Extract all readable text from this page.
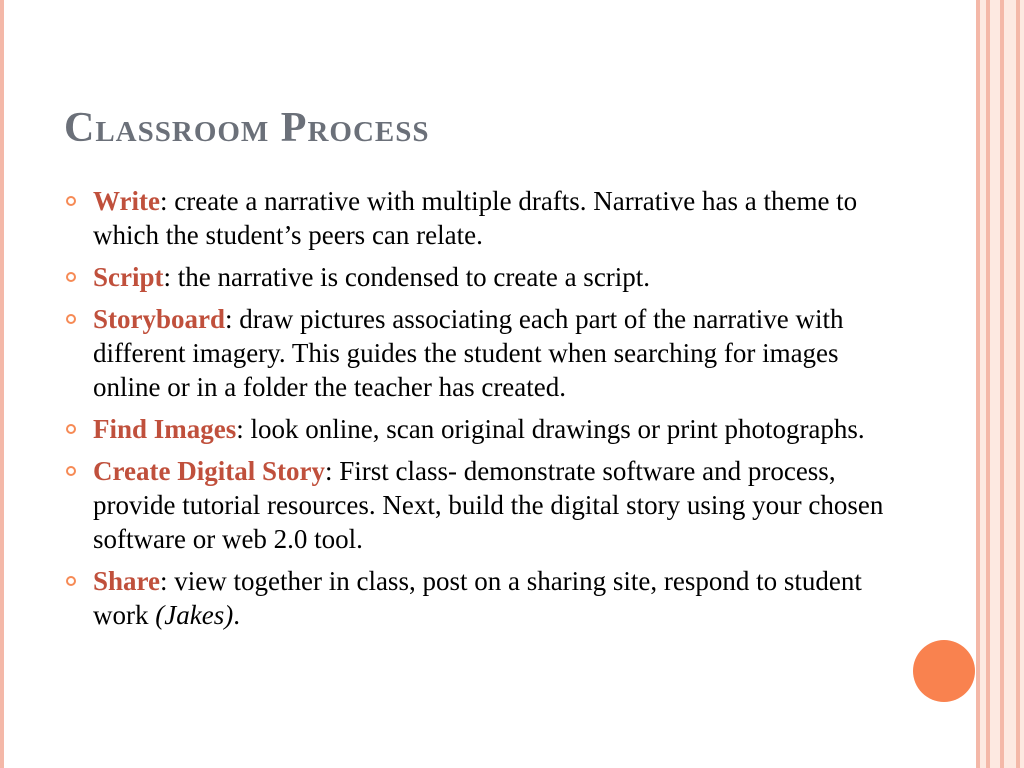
Classroom Process
Write: create a narrative with multiple drafts. Narrative has a theme to which the student’s peers can relate.
Script: the narrative is condensed to create a script.
Storyboard: draw pictures associating each part of the narrative with different imagery. This guides the student when searching for images online or in a folder the teacher has created.
Find Images: look online, scan original drawings or print photographs.
Create Digital Story: First class- demonstrate software and process, provide tutorial resources. Next, build the digital story using your chosen software or web 2.0 tool.
Share: view together in class, post on a sharing site, respond to student work (Jakes).
